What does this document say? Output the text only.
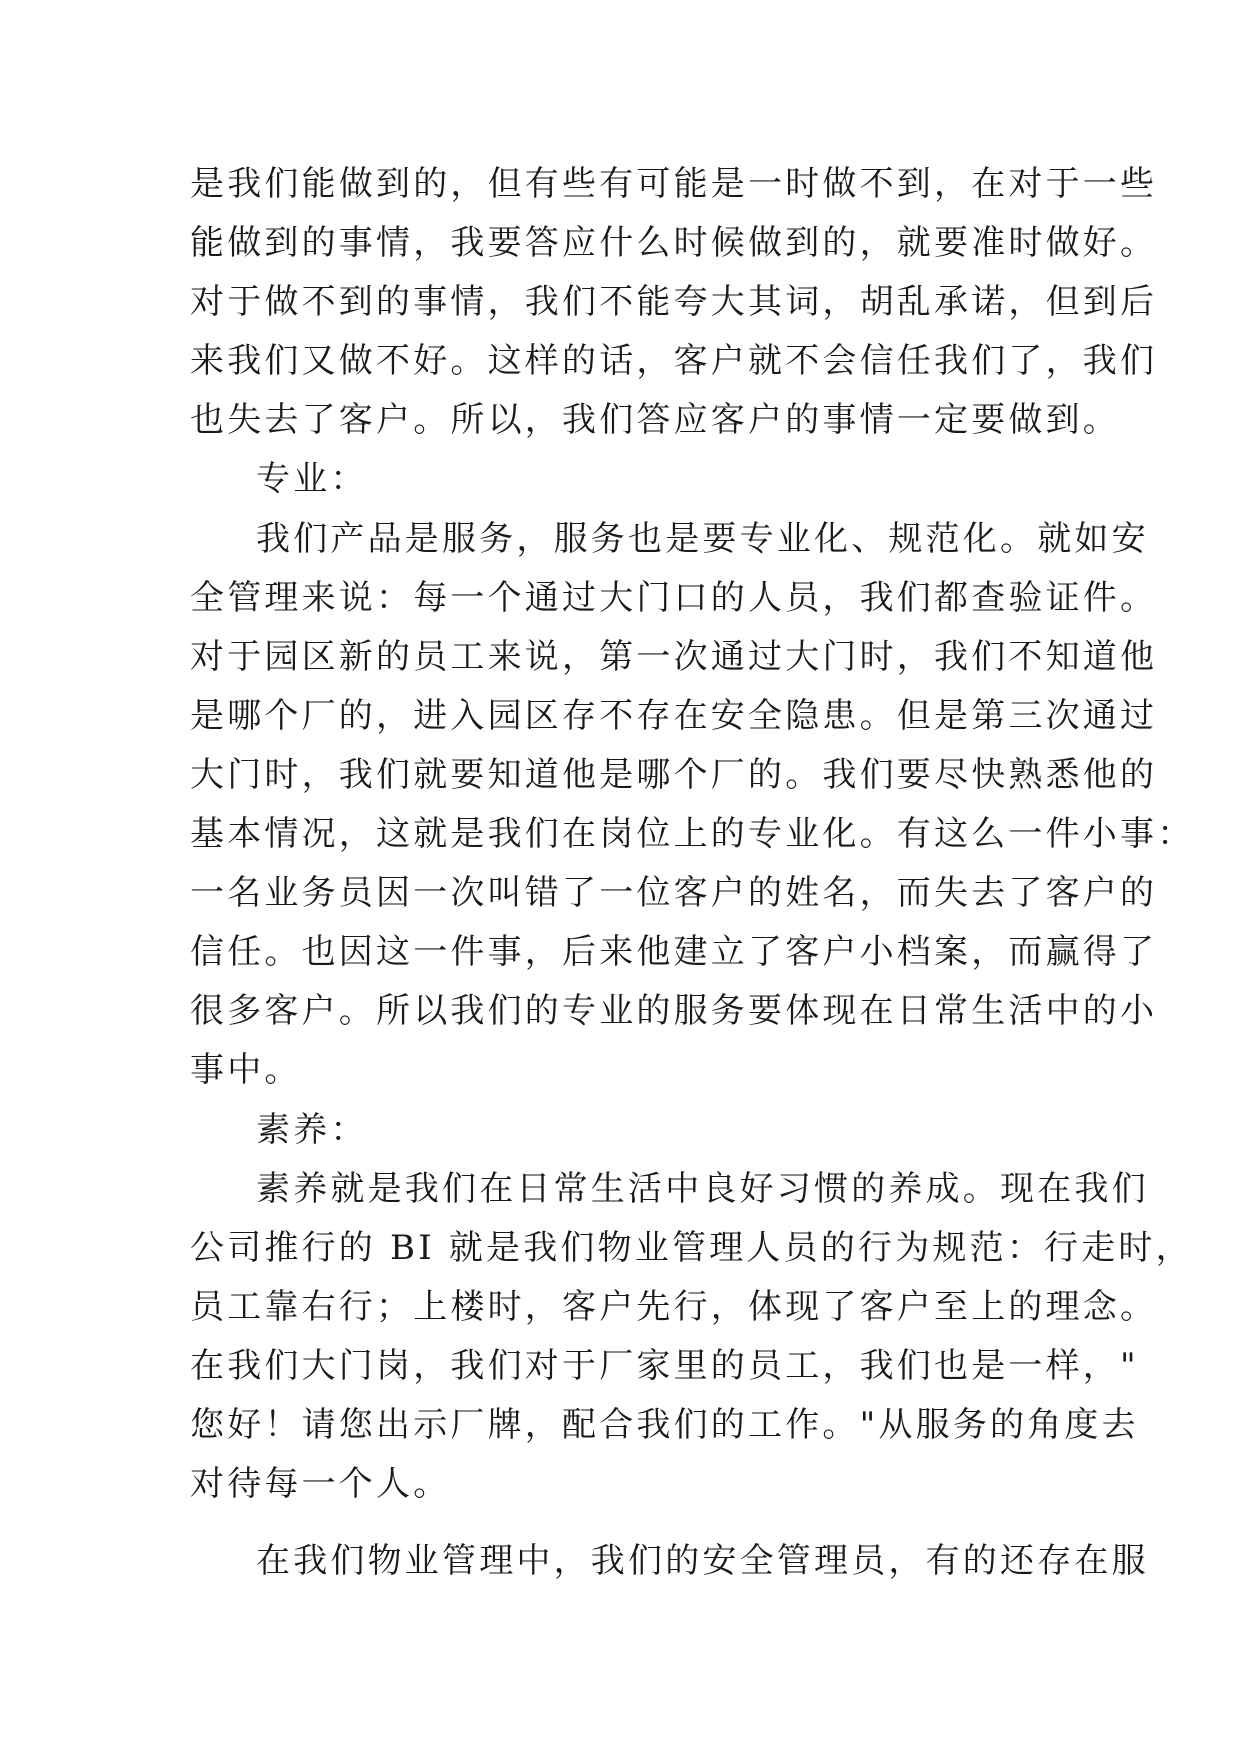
是我们能做到的，但有些有可能是一时做不到，在对于一些
能做到的事情，我要答应什么时候做到的，就要准时做好。
对于做不到的事情，我们不能夸大其词，胡乱承诺，但到后
来我们又做不好。这样的话，客户就不会信任我们了，我们
也失去了客户。所以，我们答应客户的事情一定要做到。
专业：
我们产品是服务，服务也是要专业化、规范化。就如安
全管理来说：每一个通过大门口的人员，我们都查验证件。
对于园区新的员工来说，第一次通过大门时，我们不知道他
是哪个厂的，进入园区存不存在安全隐患。但是第三次通过
大门时，我们就要知道他是哪个厂的。我们要尽快熟悉他的
基本情况，这就是我们在岗位上的专业化。有这么一件小事：
一名业务员因一次叫错了一位客户的姓名，而失去了客户的
信任。也因这一件事，后来他建立了客户小档案，而赢得了
很多客户。所以我们的专业的服务要体现在日常生活中的小
事中。
素养：
素养就是我们在日常生活中良好习惯的养成。现在我们
公司推行的 BI 就是我们物业管理人员的行为规范：行走时，
员工靠右行；上楼时，客户先行，体现了客户至上的理念。
在我们大门岗，我们对于厂家里的员工，我们也是一样，"
您好！请您出示厂牌，配合我们的工作。"从服务的角度去
对待每一个人。
在我们物业管理中，我们的安全管理员，有的还存在服
